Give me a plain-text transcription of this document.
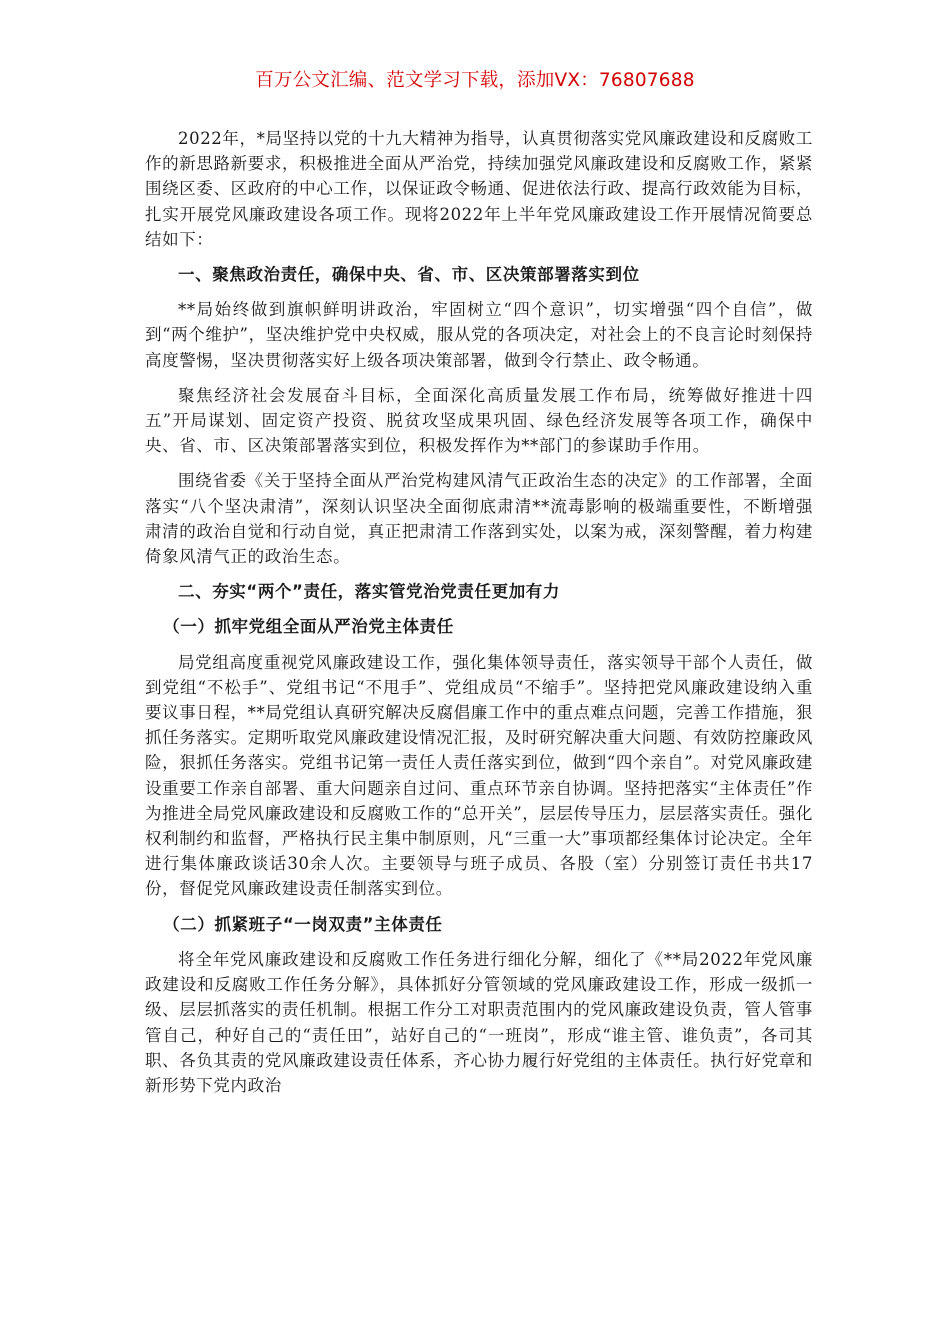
百万公文汇编、范文学习下载，添加VX：76807688

2022年，*局坚持以党的十九大精神为指导，认真贯彻落实党风廉政建设和反腐败工作的新思路新要求，积极推进全面从严治党，持续加强党风廉政建设和反腐败工作，紧紧围绕区委、区政府的中心工作，以保证政令畅通、促进依法行政、提高行政效能为目标，扎实开展党风廉政建设各项工作。现将2022年上半年党风廉政建设工作开展情况简要总结如下：

一、聚焦政治责任，确保中央、省、市、区决策部署落实到位

**局始终做到旗帜鲜明讲政治，牢固树立“四个意识”，切实增强“四个自信”，做到“两个维护”，坚决维护党中央权威，服从党的各项决定，对社会上的不良言论时刻保持高度警惕，坚决贯彻落实好上级各项决策部署，做到令行禁止、政令畅通。

聚焦经济社会发展奋斗目标，全面深化高质量发展工作布局，统筹做好推进十四五”开局谋划、固定资产投资、脱贫攻坚成果巩固、绿色经济发展等各项工作，确保中央、省、市、区决策部署落实到位，积极发挥作为**部门的参谋助手作用。

围绕省委《关于坚持全面从严治党构建风清气正政治生态的决定》的工作部署，全面落实“八个坚决肃清”，深刻认识坚决全面彻底肃清**流毒影响的极端重要性，不断增强肃清的政治自觉和行动自觉，真正把肃清工作落到实处，以案为戒，深刻警醒，着力构建倚象风清气正的政治生态。

二、夯实“两个”责任，落实管党治党责任更加有力
（一）抓牢党组全面从严治党主体责任

局党组高度重视党风廉政建设工作，强化集体领导责任，落实领导干部个人责任，做到党组“不松手”、党组书记“不甩手”、党组成员“不缩手”。坚持把党风廉政建设纳入重要议事日程，**局党组认真研究解决反腐倡廉工作中的重点难点问题，完善工作措施，狠抓任务落实。定期听取党风廉政建设情况汇报，及时研究解决重大问题、有效防控廉政风险，狠抓任务落实。党组书记第一责任人责任落实到位，做到“四个亲自”。对党风廉政建设重要工作亲自部署、重大问题亲自过问、重点环节亲自协调。坚持把落实“主体责任”作为推进全局党风廉政建设和反腐败工作的“总开关”，层层传导压力，层层落实责任。强化权利制约和监督，严格执行民主集中制原则，凡“三重一大”事项都经集体讨论决定。全年进行集体廉政谈话30余人次。主要领导与班子成员、各股（室）分别签订责任书共17份，督促党风廉政建设责任制落实到位。

（二）抓紧班子“一岗双责”主体责任

将全年党风廉政建设和反腐败工作任务进行细化分解，细化了《**局2022年党风廉政建设和反腐败工作任务分解》，具体抓好分管领域的党风廉政建设工作，形成一级抓一级、层层抓落实的责任机制。根据工作分工对职责范围内的党风廉政建设负责，管人管事管自己，种好自己的“责任田”，站好自己的“一班岗”，形成“谁主管、谁负责”，各司其职、各负其责的党风廉政建设责任体系，齐心协力履行好党组的主体责任。执行好党章和新形势下党内政治
